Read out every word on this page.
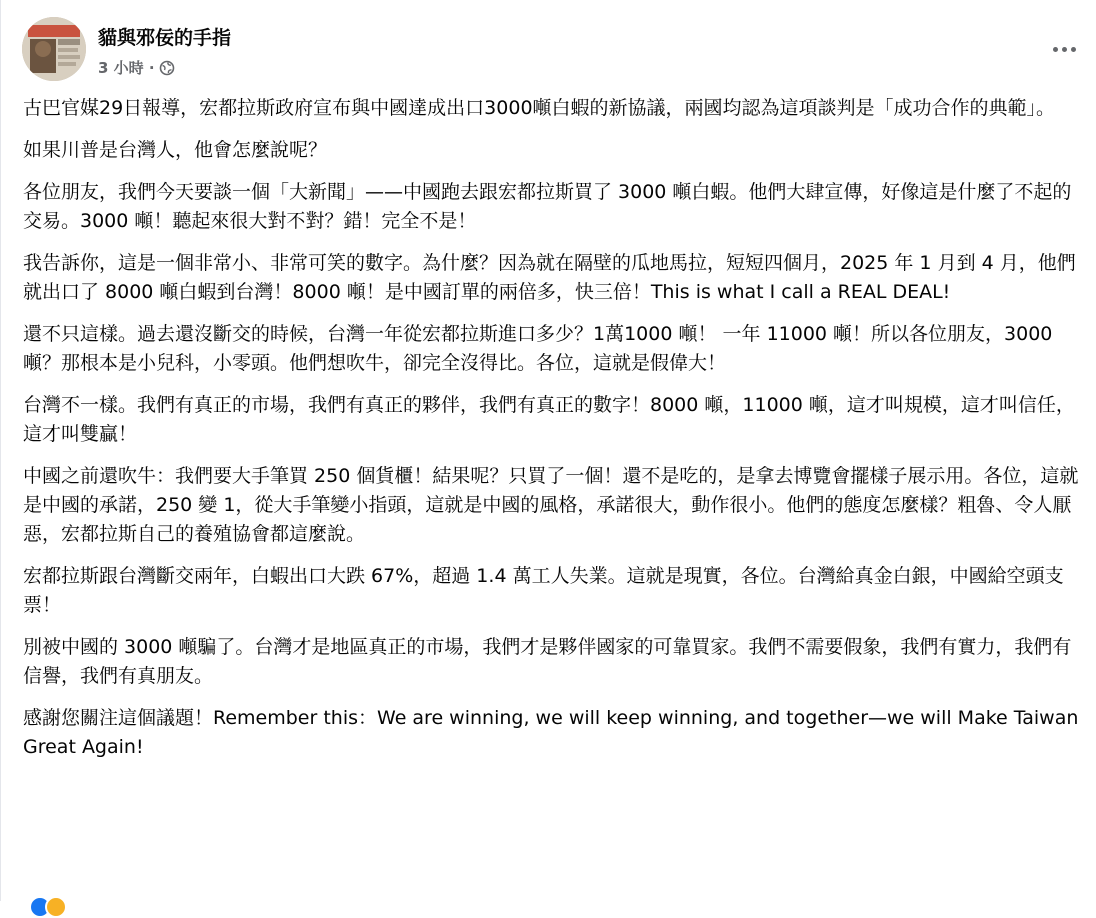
貓與邪佞的手指
3 小時 ·

古巴官媒29日報導，宏都拉斯政府宣布與中國達成出口3000噸白蝦的新協議，兩國均認為這項談判是「成功合作的典範」。

如果川普是台灣人，他會怎麼說呢？

各位朋友，我們今天要談一個「大新聞」——中國跑去跟宏都拉斯買了 3000 噸白蝦。他們大肆宣傳，好像這是什麼了不起的交易。3000 噸！聽起來很大對不對？錯！完全不是！

我告訴你，這是一個非常小、非常可笑的數字。為什麼？因為就在隔壁的瓜地馬拉，短短四個月，2025 年 1 月到 4 月，他們就出口了 8000 噸白蝦到台灣！8000 噸！是中國訂單的兩倍多，快三倍！This is what I call a REAL DEAL!

還不只這樣。過去還沒斷交的時候，台灣一年從宏都拉斯進口多少？1萬1000 噸！ 一年 11000 噸！所以各位朋友，3000 噸？那根本是小兒科，小零頭。他們想吹牛，卻完全沒得比。各位，這就是假偉大！

台灣不一樣。我們有真正的市場，我們有真正的夥伴，我們有真正的數字！8000 噸，11000 噸，這才叫規模，這才叫信任，這才叫雙贏！

中國之前還吹牛：我們要大手筆買 250 個貨櫃！結果呢？只買了一個！還不是吃的，是拿去博覽會擺樣子展示用。各位，這就是中國的承諾，250 變 1，從大手筆變小指頭，這就是中國的風格，承諾很大，動作很小。他們的態度怎麼樣？粗魯、令人厭惡，宏都拉斯自己的養殖協會都這麼說。

宏都拉斯跟台灣斷交兩年，白蝦出口大跌 67%，超過 1.4 萬工人失業。這就是現實，各位。台灣給真金白銀，中國給空頭支票！

別被中國的 3000 噸騙了。台灣才是地區真正的市場，我們才是夥伴國家的可靠買家。我們不需要假象，我們有實力，我們有信譽，我們有真朋友。

感謝您關注這個議題！Remember this：We are winning, we will keep winning, and together—we will Make Taiwan Great Again!
